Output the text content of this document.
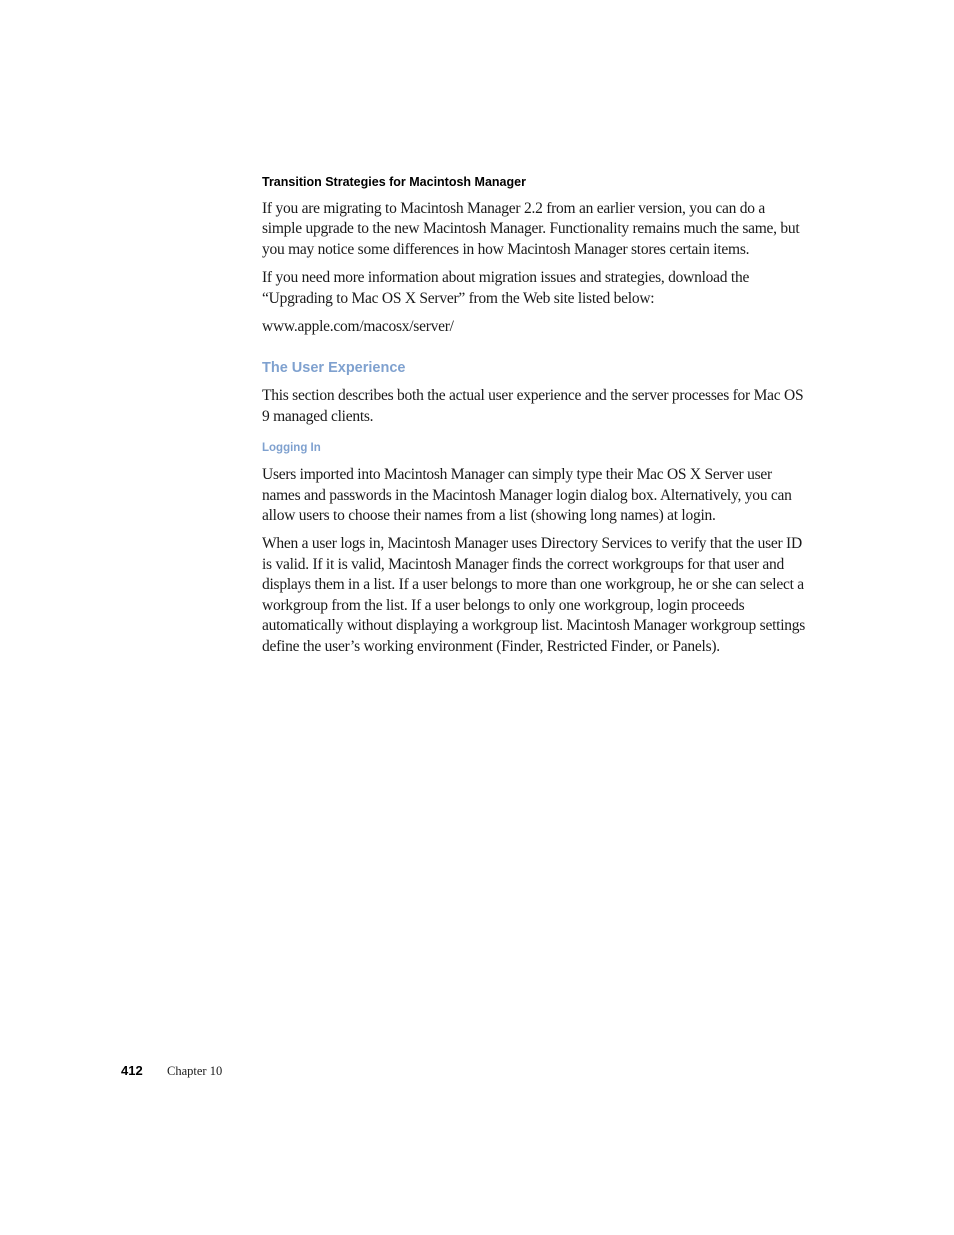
Transition Strategies for Macintosh Manager

If you are migrating to Macintosh Manager 2.2 from an earlier version, you can do a simple upgrade to the new Macintosh Manager. Functionality remains much the same, but you may notice some differences in how Macintosh Manager stores certain items.

If you need more information about migration issues and strategies, download the “Upgrading to Mac OS X Server” from the Web site listed below:

www.apple.com/macosx/server/

The User Experience

This section describes both the actual user experience and the server processes for Mac OS 9 managed clients.

Logging In

Users imported into Macintosh Manager can simply type their Mac OS X Server user names and passwords in the Macintosh Manager login dialog box. Alternatively, you can allow users to choose their names from a list (showing long names) at login.

When a user logs in, Macintosh Manager uses Directory Services to verify that the user ID is valid. If it is valid, Macintosh Manager finds the correct workgroups for that user and displays them in a list. If a user belongs to more than one workgroup, he or she can select a workgroup from the list. If a user belongs to only one workgroup, login proceeds automatically without displaying a workgroup list. Macintosh Manager workgroup settings define the user’s working environment (Finder, Restricted Finder, or Panels).

412 Chapter 10
